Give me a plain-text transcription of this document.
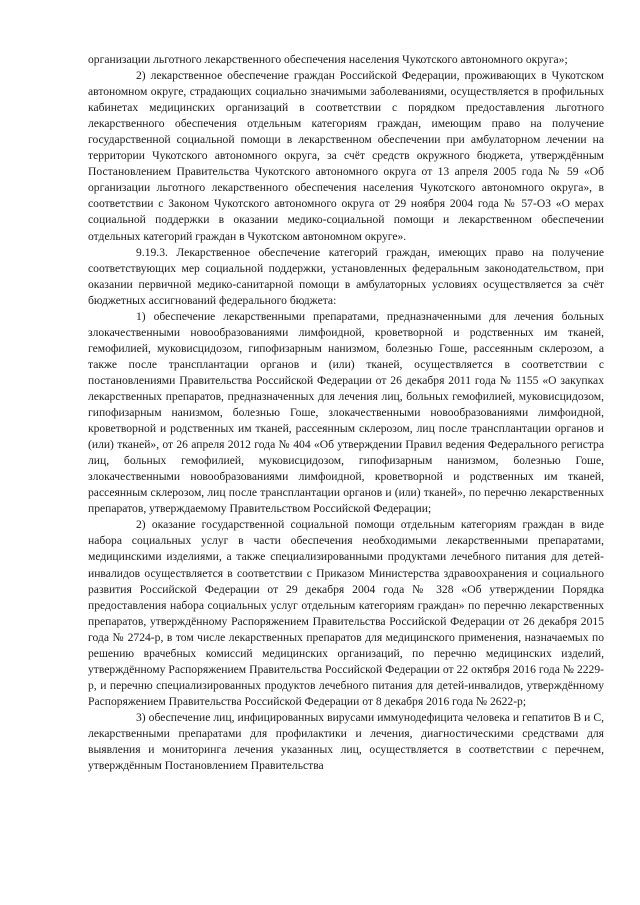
организации льготного лекарственного обеспечения населения Чукотского автономного округа»;

2) лекарственное обеспечение граждан Российской Федерации, проживающих в Чукотском автономном округе, страдающих социально значимыми заболеваниями, осуществляется в профильных кабинетах медицинских организаций в соответствии с порядком предоставления льготного лекарственного обеспечения отдельным категориям граждан, имеющим право на получение государственной социальной помощи в лекарственном обеспечении при амбулаторном лечении на территории Чукотского автономного округа, за счёт средств окружного бюджета, утверждённым Постановлением Правительства Чукотского автономного округа от 13 апреля 2005 года № 59 «Об организации льготного лекарственного обеспечения населения Чукотского автономного округа», в соответствии с Законом Чукотского автономного округа от 29 ноября 2004 года № 57-ОЗ «О мерах социальной поддержки в оказании медико-социальной помощи и лекарственном обеспечении отдельных категорий граждан в Чукотском автономном округе».

9.19.3. Лекарственное обеспечение категорий граждан, имеющих право на получение соответствующих мер социальной поддержки, установленных федеральным законодательством, при оказании первичной медико-санитарной помощи в амбулаторных условиях осуществляется за счёт бюджетных ассигнований федерального бюджета:

1) обеспечение лекарственными препаратами, предназначенными для лечения больных злокачественными новообразованиями лимфоидной, кроветворной и родственных им тканей, гемофилией, муковисцидозом, гипофизарным нанизмом, болезнью Гоше, рассеянным склерозом, а также после трансплантации органов и (или) тканей, осуществляется в соответствии с постановлениями Правительства Российской Федерации от 26 декабря 2011 года № 1155 «О закупках лекарственных препаратов, предназначенных для лечения лиц, больных гемофилией, муковисцидозом, гипофизарным нанизмом, болезнью Гоше, злокачественными новообразованиями лимфоидной, кроветворной и родственных им тканей, рассеянным склерозом, лиц после трансплантации органов и (или) тканей», от 26 апреля 2012 года № 404 «Об утверждении Правил ведения Федерального регистра лиц, больных гемофилией, муковисцидозом, гипофизарным нанизмом, болезнью Гоше, злокачественными новообразованиями лимфоидной, кроветворной и родственных им тканей, рассеянным склерозом, лиц после трансплантации органов и (или) тканей», по перечню лекарственных препаратов, утверждаемому Правительством Российской Федерации;

2) оказание государственной социальной помощи отдельным категориям граждан в виде набора социальных услуг в части обеспечения необходимыми лекарственными препаратами, медицинскими изделиями, а также специализированными продуктами лечебного питания для детей-инвалидов осуществляется в соответствии с Приказом Министерства здравоохранения и социального развития Российской Федерации от 29 декабря 2004 года № 328 «Об утверждении Порядка предоставления набора социальных услуг отдельным категориям граждан» по перечню лекарственных препаратов, утверждённому Распоряжением Правительства Российской Федерации от 26 декабря 2015 года № 2724-р, в том числе лекарственных препаратов для медицинского применения, назначаемых по решению врачебных комиссий медицинских организаций, по перечню медицинских изделий, утверждённому Распоряжением Правительства Российской Федерации от 22 октября 2016 года № 2229-р, и перечню специализированных продуктов лечебного питания для детей-инвалидов, утверждённому Распоряжением Правительства Российской Федерации от 8 декабря 2016 года № 2622-р;

3) обеспечение лиц, инфицированных вирусами иммунодефицита человека и гепатитов В и С, лекарственными препаратами для профилактики и лечения, диагностическими средствами для выявления и мониторинга лечения указанных лиц, осуществляется в соответствии с перечнем, утверждённым Постановлением Правительства
